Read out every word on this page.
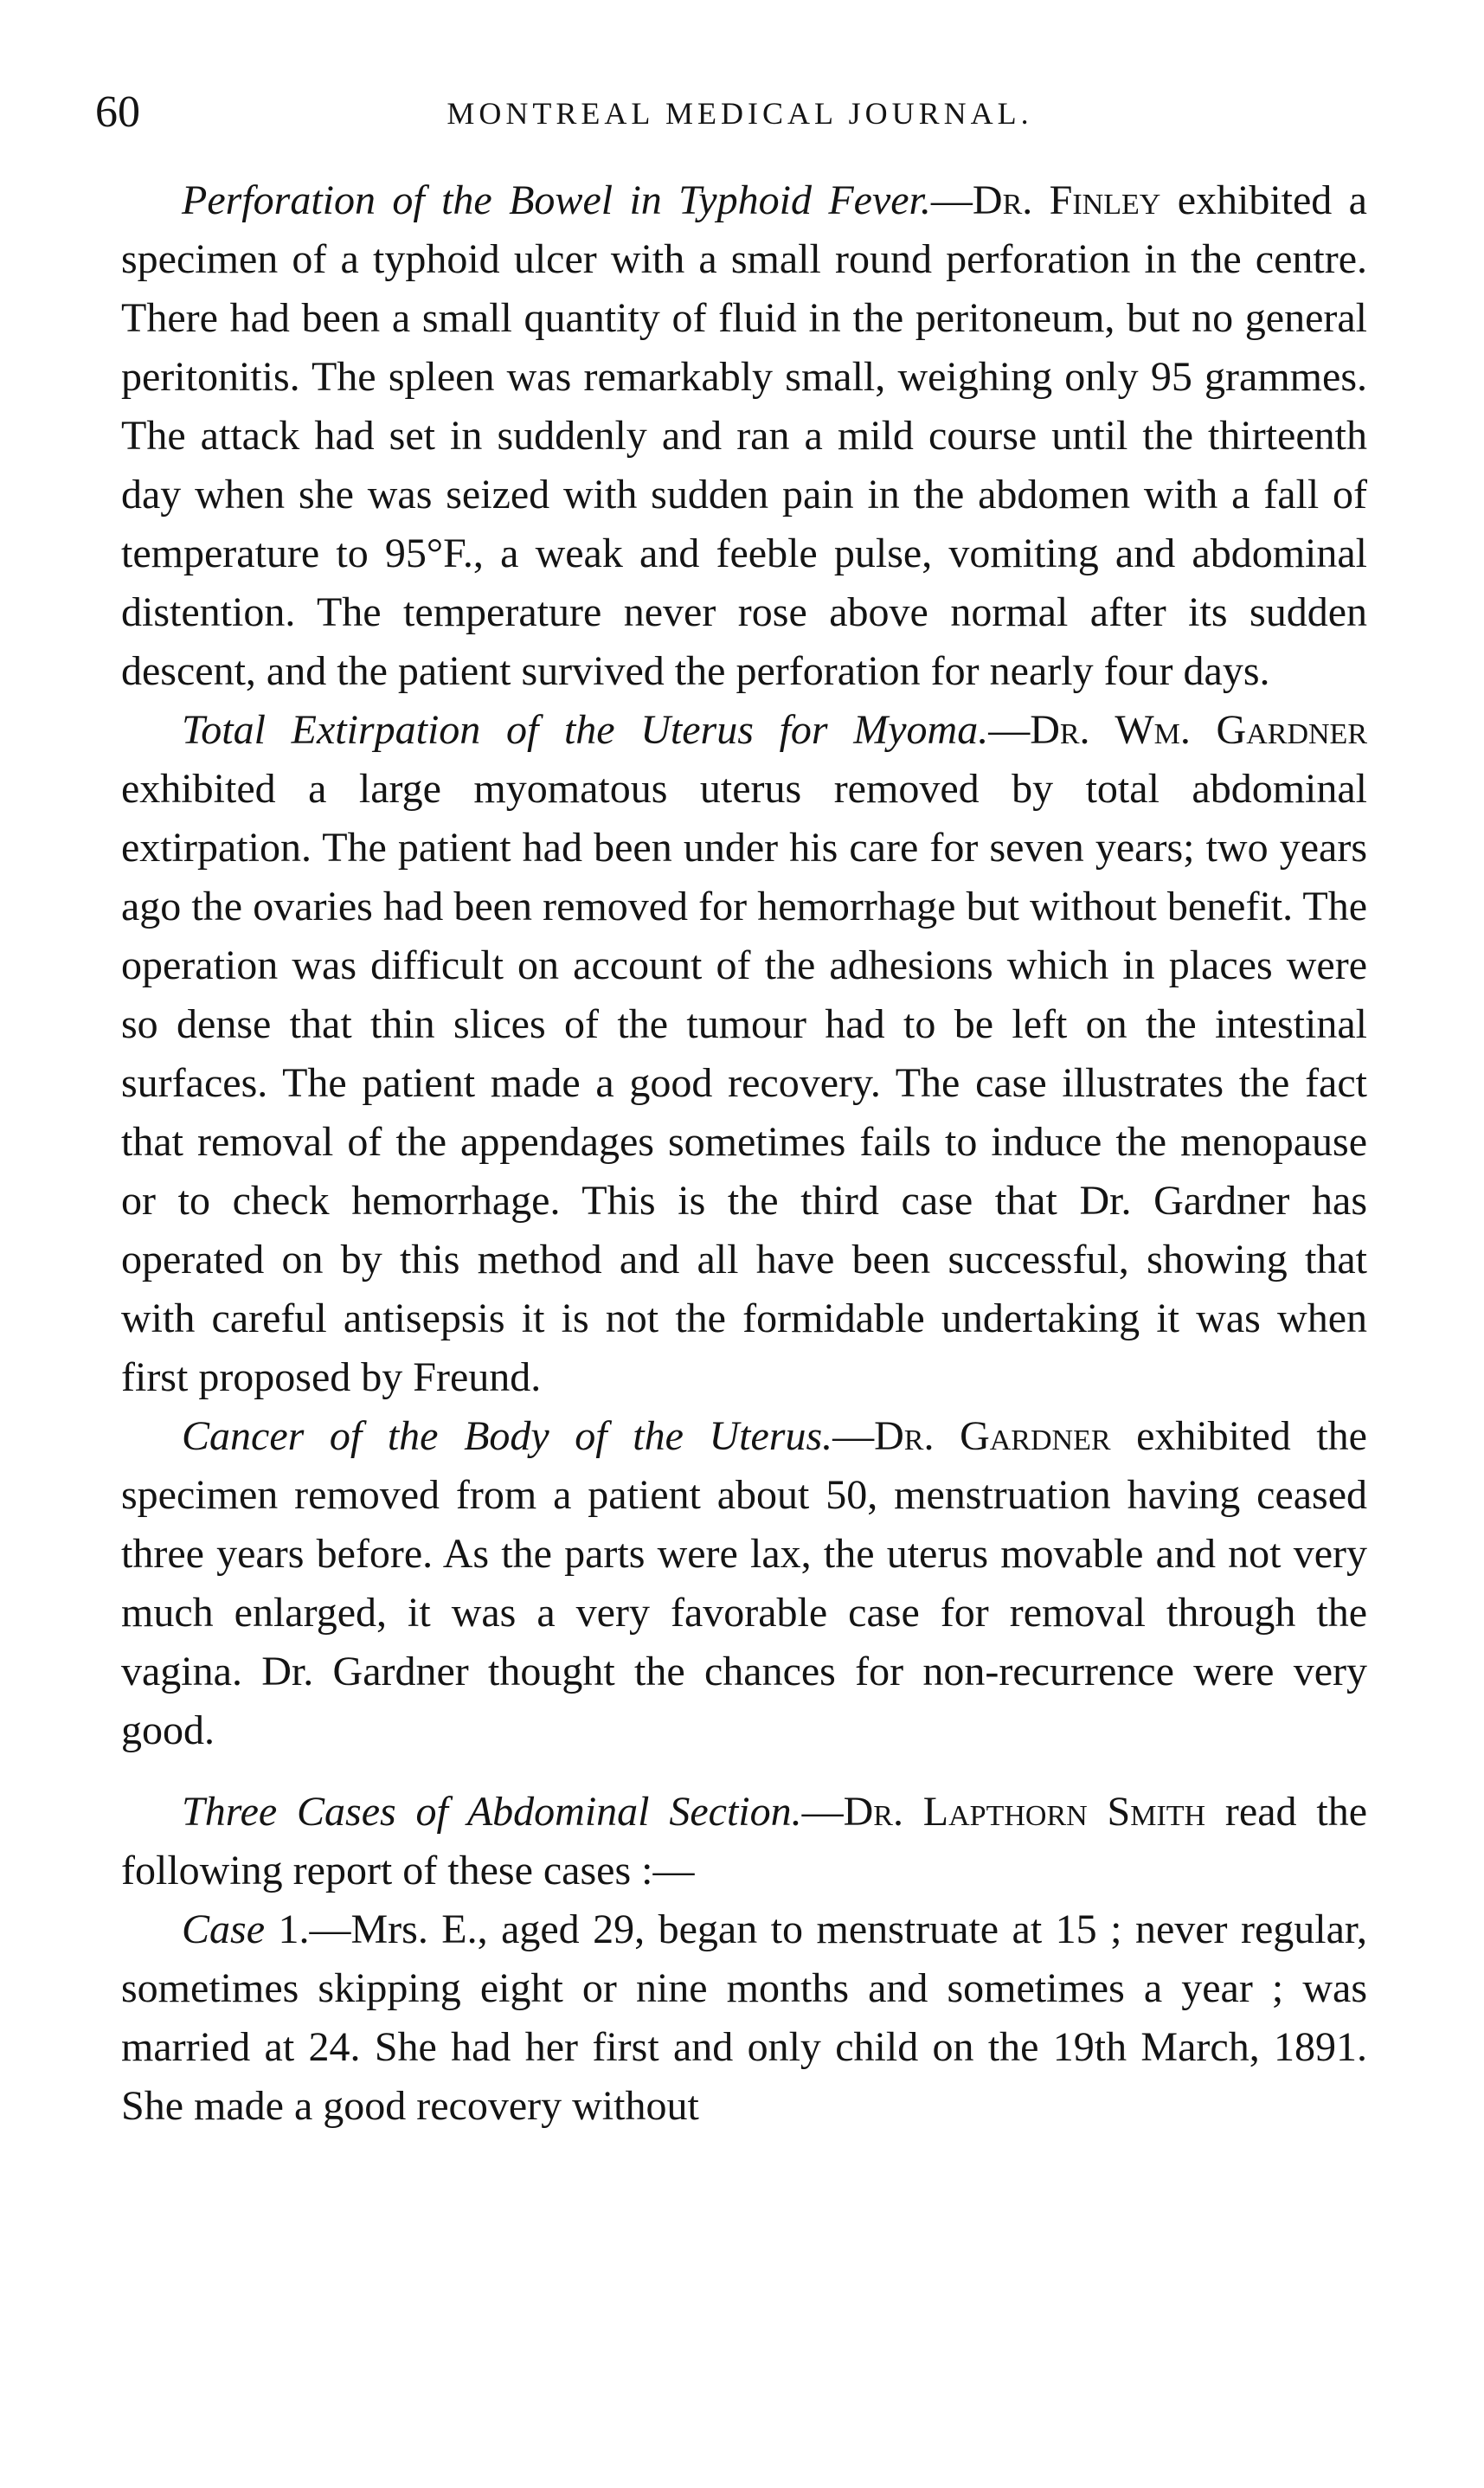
60	MONTREAL MEDICAL JOURNAL.

Perforation of the Bowel in Typhoid Fever.—Dr. Finley exhibited a specimen of a typhoid ulcer with a small round perforation in the centre. There had been a small quantity of fluid in the peritoneum, but no general peritonitis. The spleen was remarkably small, weighing only 95 grammes. The attack had set in suddenly and ran a mild course until the thirteenth day when she was seized with sudden pain in the abdomen with a fall of temperature to 95°F., a weak and feeble pulse, vomiting and abdominal distention. The temperature never rose above normal after its sudden descent, and the patient survived the perforation for nearly four days.

Total Extirpation of the Uterus for Myoma.—Dr. Wm. Gardner exhibited a large myomatous uterus removed by total abdominal extirpation. The patient had been under his care for seven years; two years ago the ovaries had been removed for hemorrhage but without benefit. The operation was difficult on account of the adhesions which in places were so dense that thin slices of the tumour had to be left on the intestinal surfaces. The patient made a good recovery. The case illustrates the fact that removal of the appendages sometimes fails to induce the menopause or to check hemorrhage. This is the third case that Dr. Gardner has operated on by this method and all have been successful, showing that with careful antisepsis it is not the formidable undertaking it was when first proposed by Freund.

Cancer of the Body of the Uterus.—Dr. Gardner exhibited the specimen removed from a patient about 50, menstruation having ceased three years before. As the parts were lax, the uterus movable and not very much enlarged, it was a very favorable case for removal through the vagina. Dr. Gardner thought the chances for non-recurrence were very good.

Three Cases of Abdominal Section.—Dr. Lapthorn Smith read the following report of these cases :—

Case 1.—Mrs. E., aged 29, began to menstruate at 15 ; never regular, sometimes skipping eight or nine months and sometimes a year ; was married at 24. She had her first and only child on the 19th March, 1891. She made a good recovery without
